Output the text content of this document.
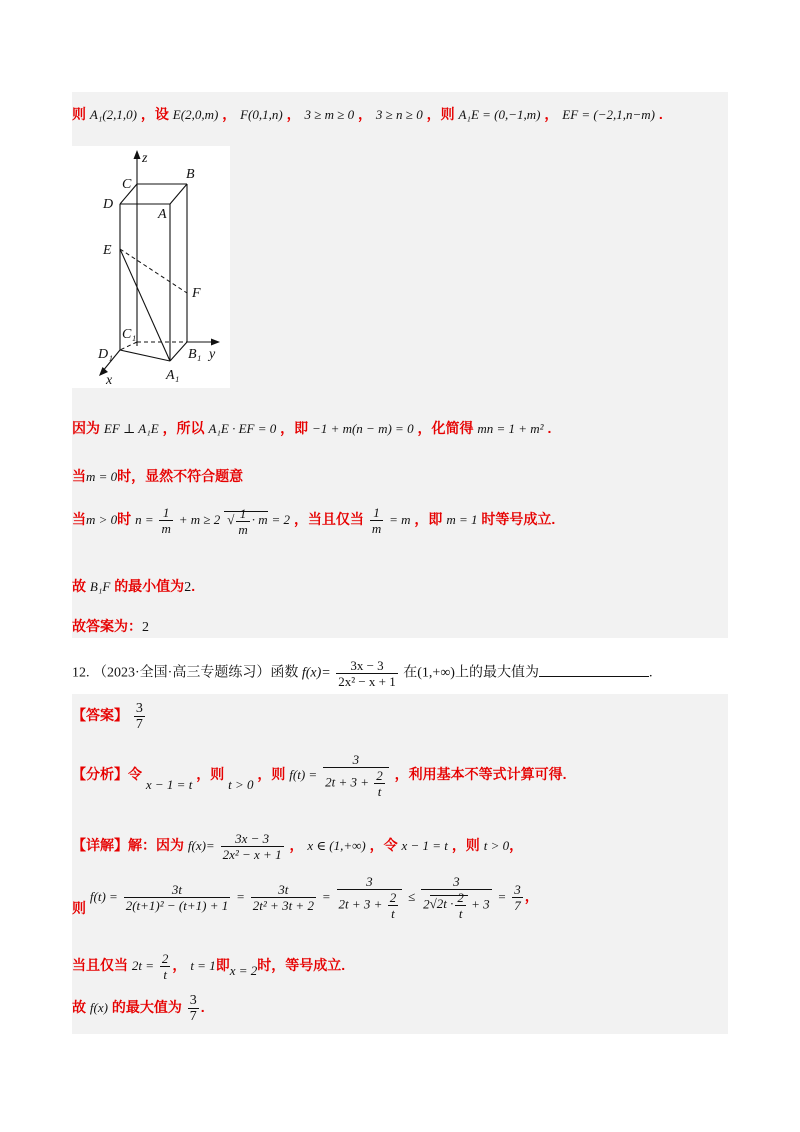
则 A₁(2,1,0) ，设 E(2,0,m) ， F(0,1,n) ， 3 ≥ m ≥ 0 ， 3 ≥ n ≥ 0 ，则 A₁E = (0,−1,m) ， EF = (−2,1,n−m) .
z
C
B
D
A
E
F
C₁
D₁	B₁ y
x	A₁
因为 EF ⊥ A₁E ，所以 A₁E · EF = 0 ，即 −1 + m(n − m) = 0 ，化简得 mn = 1 + m² .
当m = 0时，显然不符合题意
当m > 0时 $n = \frac{1}{m} + m \ge 2$ √ $\frac{1}{m} \cdot m = 2$ ，当且仅当 $\frac{1}{m} = m$ ，即 m = 1 时等号成立.
故 B₁F 的最小值为2.
故答案为：2
12. （2023·全国·高三专题练习）函数 $f(x)= \frac{3x - 3}{\text{2x² − x + 1}}$ 在(1,+∞)上的最大值为	.
【答案】 $\frac{3}{7}$
【分析】令 x − 1 = t ，则 t > 0 ，则 $f(t) = \frac{3}{2t + 3 + \frac{2}{t}}$ ，利用基本不等式计算可得.
【详解】解：因为 $f(x)= \frac{3x - 3}{\text{2x² − x + 1}}$ ， x ∈ (1,+∞) ，令 x − 1 = t ，则 t > 0，
则 $f(t) = \frac{3t}{\text{2(t+1)² − (t+1) + 1}} = \frac{3t}{\text{2t² + 3t + 2}} = \frac{3}{2t + 3 + \frac{2}{t}} \le \frac{3}{2√2t \cdot \frac{2}{t} + 3} = \frac{3}{7}$ ，
当且仅当 $2t = \frac{2}{t}$ ， t = 1即x = 2时，等号成立.
故 f(x) 的最大值为 $\frac{3}{7}$ .
